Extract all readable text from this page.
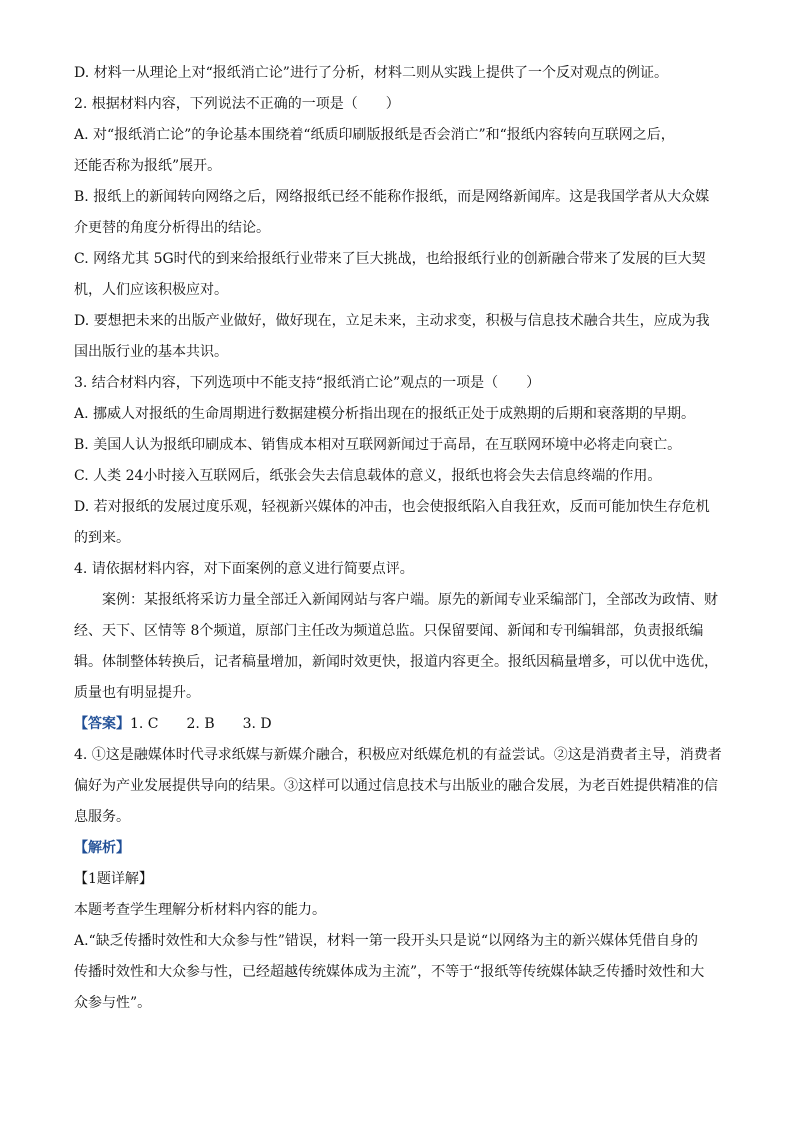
D. 材料一从理论上对“报纸消亡论”进行了分析，材料二则从实践上提供了一个反对观点的例证。

2. 根据材料内容，下列说法不正确的一项是（　　）

A. 对“报纸消亡论”的争论基本围绕着“纸质印刷版报纸是否会消亡”和“报纸内容转向互联网之后，

还能否称为报纸”展开。

B. 报纸上的新闻转向网络之后，网络报纸已经不能称作报纸，而是网络新闻库。这是我国学者从大众媒

介更替的角度分析得出的结论。

C. 网络尤其 5G时代的到来给报纸行业带来了巨大挑战，也给报纸行业的创新融合带来了发展的巨大契

机，人们应该积极应对。

D. 要想把未来的出版产业做好，做好现在，立足未来，主动求变，积极与信息技术融合共生，应成为我

国出版行业的基本共识。

3. 结合材料内容，下列选项中不能支持“报纸消亡论”观点的一项是（　　）

A. 挪威人对报纸的生命周期进行数据建模分析指出现在的报纸正处于成熟期的后期和衰落期的早期。

B. 美国人认为报纸印刷成本、销售成本相对互联网新闻过于高昂，在互联网环境中必将走向衰亡。

C. 人类 24小时接入互联网后，纸张会失去信息载体的意义，报纸也将会失去信息终端的作用。

D. 若对报纸的发展过度乐观，轻视新兴媒体的冲击，也会使报纸陷入自我狂欢，反而可能加快生存危机

的到来。

4. 请依据材料内容，对下面案例的意义进行简要点评。

案例：某报纸将采访力量全部迁入新闻网站与客户端。原先的新闻专业采编部门，全部改为政情、财

经、天下、区情等 8个频道，原部门主任改为频道总监。只保留要闻、新闻和专刊编辑部，负责报纸编

辑。体制整体转换后，记者稿量增加，新闻时效更快，报道内容更全。报纸因稿量增多，可以优中选优，

质量也有明显提升。

【答案】1. C　　2. B　　3. D

4. ①这是融媒体时代寻求纸媒与新媒介融合，积极应对纸媒危机的有益尝试。②这是消费者主导，消费者

偏好为产业发展提供导向的结果。③这样可以通过信息技术与出版业的融合发展，为老百姓提供精准的信

息服务。

【解析】

【1题详解】

本题考查学生理解分析材料内容的能力。

A.“缺乏传播时效性和大众参与性”错误，材料一第一段开头只是说“以网络为主的新兴媒体凭借自身的

传播时效性和大众参与性，已经超越传统媒体成为主流”，不等于“报纸等传统媒体缺乏传播时效性和大

众参与性”。
